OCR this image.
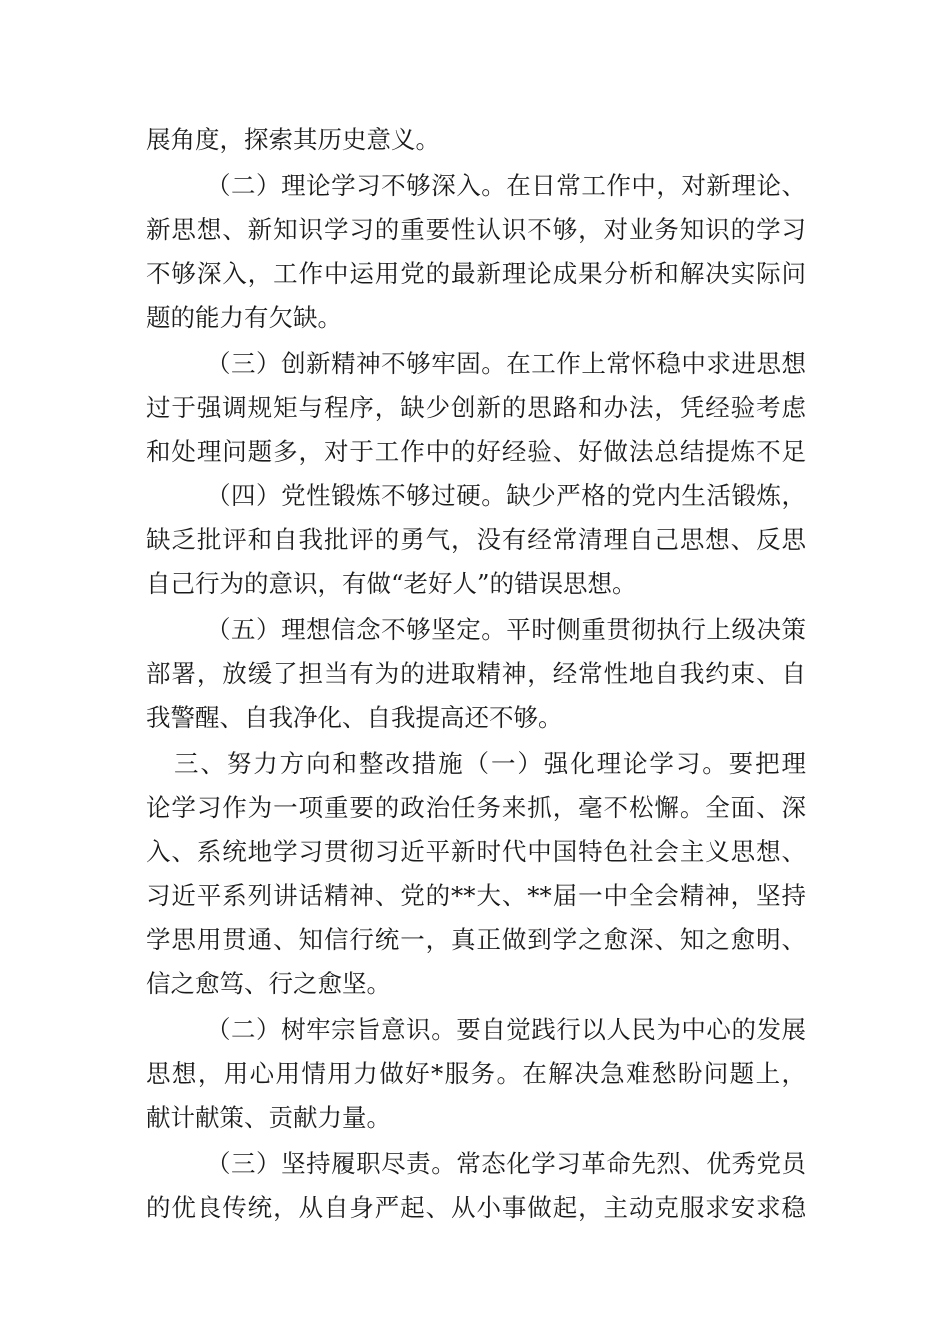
展角度，探索其历史意义。
（二）理论学习不够深入。在日常工作中，对新理论、
新思想、新知识学习的重要性认识不够，对业务知识的学习
不够深入，工作中运用党的最新理论成果分析和解决实际问
题的能力有欠缺。
（三）创新精神不够牢固。在工作上常怀稳中求进思想
过于强调规矩与程序，缺少创新的思路和办法，凭经验考虑
和处理问题多，对于工作中的好经验、好做法总结提炼不足
（四）党性锻炼不够过硬。缺少严格的党内生活锻炼，
缺乏批评和自我批评的勇气，没有经常清理自己思想、反思
自己行为的意识，有做“老好人”的错误思想。
（五）理想信念不够坚定。平时侧重贯彻执行上级决策
部署，放缓了担当有为的进取精神，经常性地自我约束、自
我警醒、自我净化、自我提高还不够。
三、努力方向和整改措施（一）强化理论学习。要把理
论学习作为一项重要的政治任务来抓，毫不松懈。全面、深
入、系统地学习贯彻习近平新时代中国特色社会主义思想、
习近平系列讲话精神、党的**大、**届一中全会精神，坚持
学思用贯通、知信行统一，真正做到学之愈深、知之愈明、
信之愈笃、行之愈坚。
（二）树牢宗旨意识。要自觉践行以人民为中心的发展
思想，用心用情用力做好*服务。在解决急难愁盼问题上，
献计献策、贡献力量。
（三）坚持履职尽责。常态化学习革命先烈、优秀党员
的优良传统，从自身严起、从小事做起，主动克服求安求稳
